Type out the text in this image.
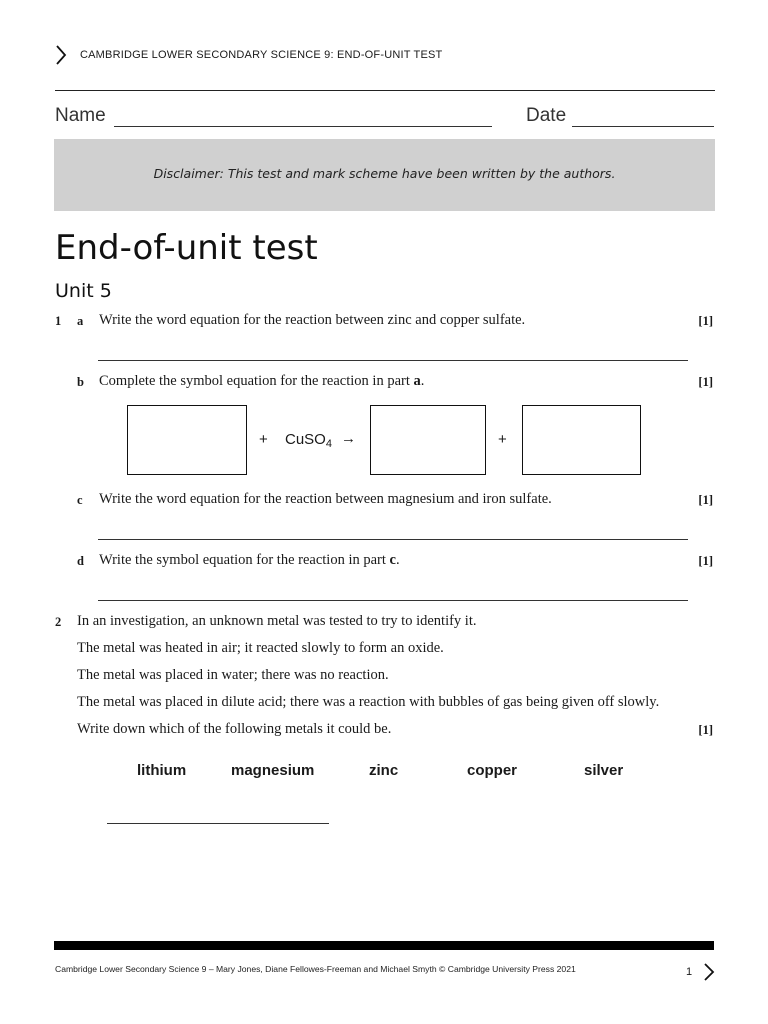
CAMBRIDGE LOWER SECONDARY SCIENCE 9: END-OF-UNIT TEST
Name	Date
Disclaimer: This test and mark scheme have been written by the authors.
End-of-unit test
Unit 5
1 a Write the word equation for the reaction between zinc and copper sulfate.	[1]
b Complete the symbol equation for the reaction in part a.	[1]
+ CuSO$_4$ →	+
c Write the word equation for the reaction between magnesium and iron sulfate.	[1]
d Write the symbol equation for the reaction in part c.	[1]
2 In an investigation, an unknown metal was tested to try to identify it.
The metal was heated in air; it reacted slowly to form an oxide.
The metal was placed in water; there was no reaction.
The metal was placed in dilute acid; there was a reaction with bubbles of gas being given off slowly.
Write down which of the following metals it could be.	[1]
lithium	magnesium	zinc	copper	silver
Cambridge Lower Secondary Science 9 – Mary Jones, Diane Fellowes-Freeman and Michael Smyth © Cambridge University Press 2021	1
